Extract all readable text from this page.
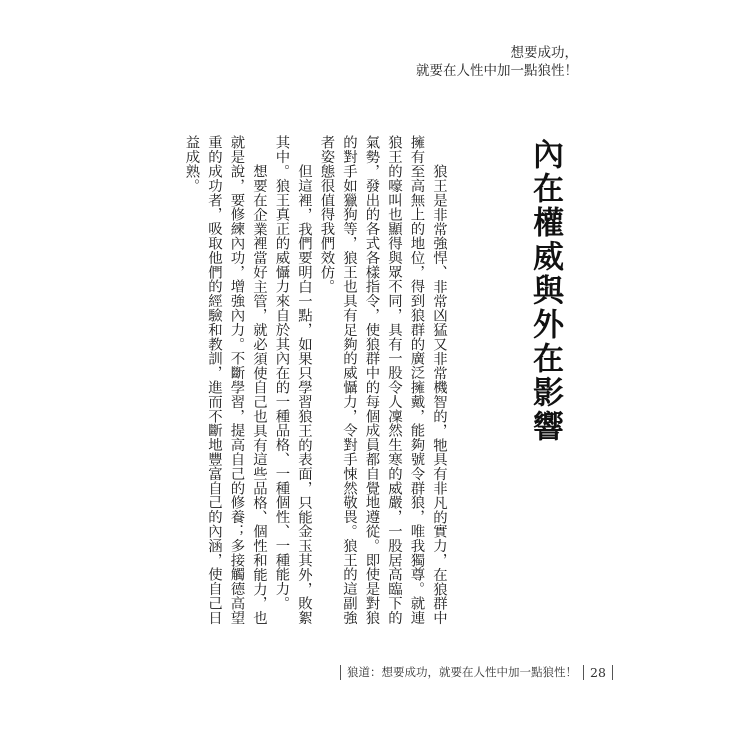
想要成功，
就要在人性中加一點狼性！
內在權威與外在影響

狼王是非常強悍、非常凶猛又非常機智的，牠具有非凡的實力，在狼群中擁有至高無上的地位，得到狼群的廣泛擁戴，能夠號令群狼，唯我獨尊。就連狼王的嚎叫也顯得與眾不同，具有一股令人凜然生寒的威嚴，一股居高臨下的氣勢，發出的各式各樣指令，使狼群中的每個成員都自覺地遵從。即使是對狼的對手如獵狗等，狼王也具有足夠的威懾力，令對手悚然敬畏。狼王的這副強者姿態很值得我們效仿。

但這裡，我們要明白一點，如果只學習狼王的表面，只能金玉其外，敗絮其中。狼王真正的威懾力來自於其內在的一種品格、一種個性、一種能力。

想要在企業裡當好主管，就必須使自己也具有這些品格、個性和能力，也就是說，要修練內功，增強內力。不斷學習，提高自己的修養；多接觸德高望重的成功者，吸取他們的經驗和教訓，進而不斷地豐富自己的內涵，使自己日益成熟。

狼道：想要成功，就要在人性中加一點狼性！ 28
